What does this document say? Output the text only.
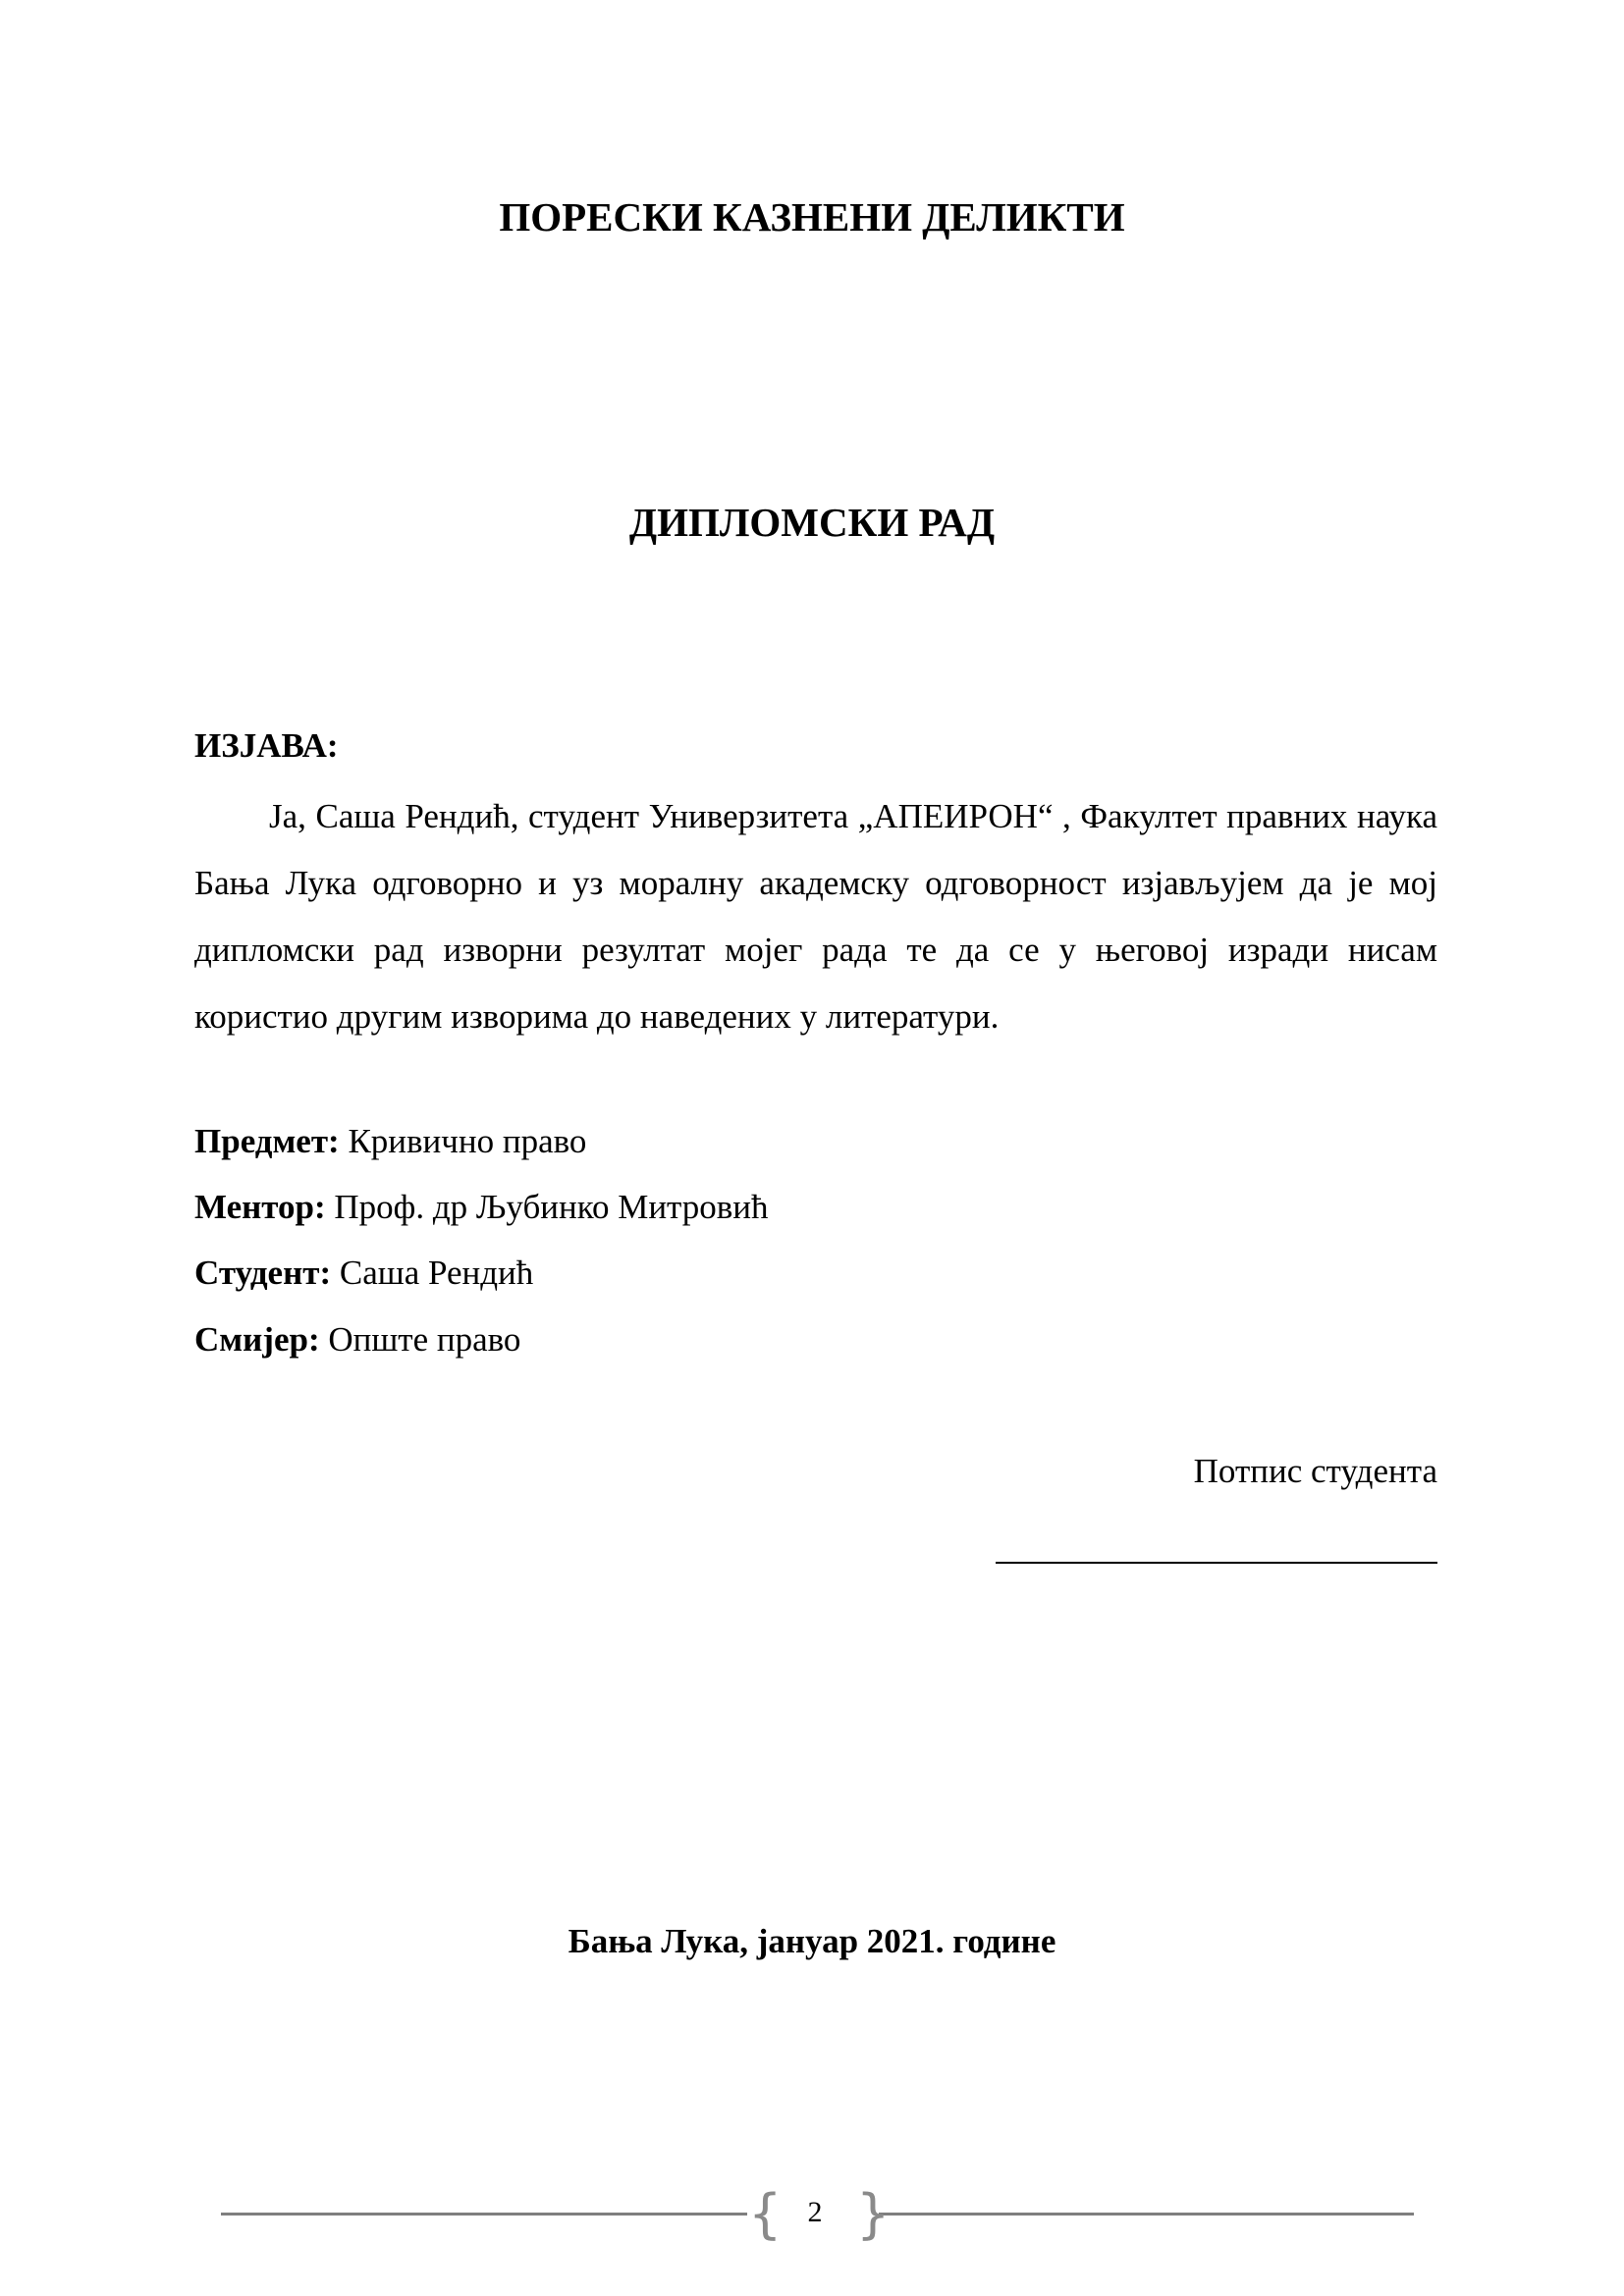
ПОРЕСКИ КАЗНЕНИ ДЕЛИКТИ
ДИПЛОМСКИ РАД
ИЗЈАВА:

Ја, Саша Рендић, студент Универзитета „АПЕИРОН“ , Факултет правних наука Бања Лука одговорно и уз моралну академску одговорност изјављујем да је мој дипломски рад изворни резултат мојег рада те да се у његовој изради нисам користио другим изворима до наведених у литератури.

Предмет: Кривично право

Ментор: Проф. др Љубинко Митровић

Студент: Саша Рендић

Смијер: Опште право

Потпис студента
Бања Лука, јануар 2021. године
{ 2 }
